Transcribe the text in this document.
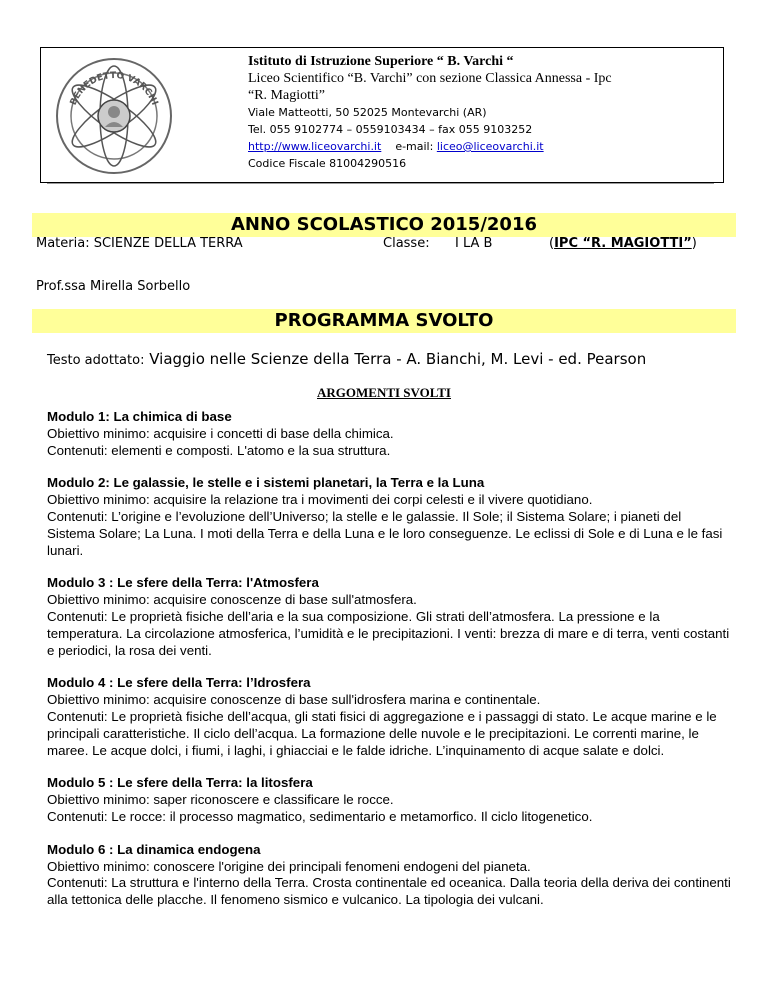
BENEDETTO VARCHI
Istituto di Istruzione Superiore “ B. Varchi “
Liceo Scientifico “B. Varchi” con sezione Classica Annessa - Ipc
“R. Magiotti”
Viale Matteotti, 50 52025 Montevarchi (AR)
Tel. 055 9102774 – 0559103434 – fax 055 9103252
http://www.liceovarchi.it e-mail: liceo@liceovarchi.it
Codice Fiscale 81004290516
ANNO SCOLASTICO 2015/2016
Materia: SCIENZE DELLA TERRA	Classe: I LA B	(IPC “R. MAGIOTTI”)
Prof.ssa Mirella Sorbello
PROGRAMMA SVOLTO
Testo adottato: Viaggio nelle Scienze della Terra - A. Bianchi, M. Levi - ed. Pearson
ARGOMENTI SVOLTI
Modulo 1: La chimica di base
Obiettivo minimo: acquisire i concetti di base della chimica.
Contenuti: elementi e composti. L'atomo e la sua struttura.
Modulo 2: Le galassie, le stelle e i sistemi planetari, la Terra e la Luna
Obiettivo minimo: acquisire la relazione tra i movimenti dei corpi celesti e il vivere quotidiano.
Contenuti: L’origine e l’evoluzione dell’Universo; la stelle e le galassie. Il Sole; il Sistema Solare; i pianeti del Sistema Solare; La Luna. I moti della Terra e della Luna e le loro conseguenze. Le eclissi di Sole e di Luna e le fasi lunari.
Modulo 3 : Le sfere della Terra: l'Atmosfera
Obiettivo minimo: acquisire conoscenze di base sull'atmosfera.
Contenuti: Le proprietà fisiche dell’aria e la sua composizione. Gli strati dell’atmosfera. La pressione e la temperatura. La circolazione atmosferica, l’umidità e le precipitazioni. I venti: brezza di mare e di terra, venti costanti e periodici, la rosa dei venti.
Modulo 4 : Le sfere della Terra: l’Idrosfera
Obiettivo minimo: acquisire conoscenze di base sull'idrosfera marina e continentale.
Contenuti: Le proprietà fisiche dell’acqua, gli stati fisici di aggregazione e i passaggi di stato. Le acque marine e le principali caratteristiche. Il ciclo dell’acqua. La formazione delle nuvole e le precipitazioni. Le correnti marine, le maree. Le acque dolci, i fiumi, i laghi, i ghiacciai e le falde idriche. L’inquinamento di acque salate e dolci.
Modulo 5 : Le sfere della Terra: la litosfera
Obiettivo minimo: saper riconoscere e classificare le rocce.
Contenuti: Le rocce: il processo magmatico, sedimentario e metamorfico. Il ciclo litogenetico.
Modulo 6 : La dinamica endogena
Obiettivo minimo: conoscere l'origine dei principali fenomeni endogeni del pianeta.
Contenuti: La struttura e l'interno della Terra. Crosta continentale ed oceanica. Dalla teoria della deriva dei continenti alla tettonica delle placche. Il fenomeno sismico e vulcanico. La tipologia dei vulcani.
